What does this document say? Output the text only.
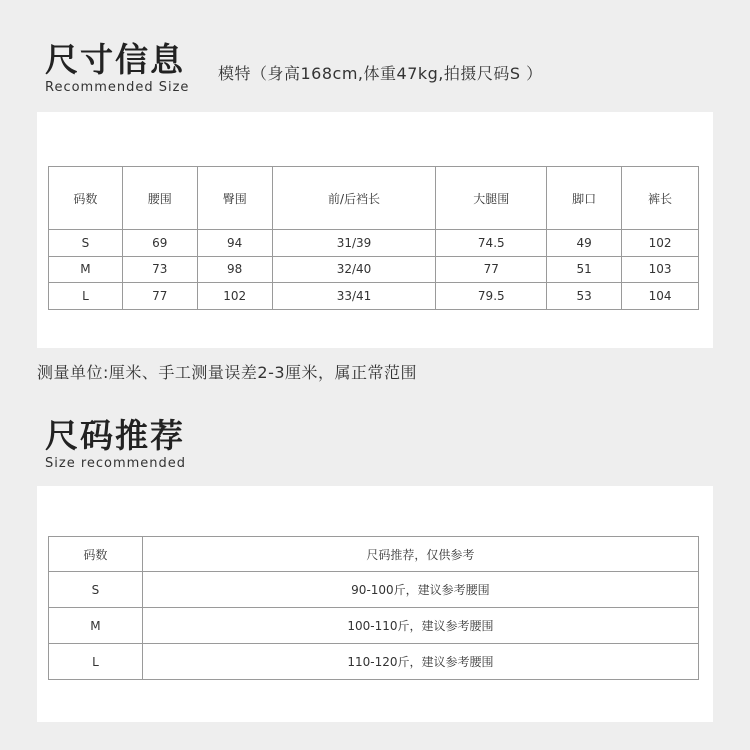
尺寸信息
Recommended Size
模特（身高168cm,体重47kg,拍摄尺码S ）
码数	腰围	臀围	前/后裆长	大腿围	脚口	裤长
S	69	94	31/39	74.5	49	102
M	73	98	32/40	77	51	103
L	77	102	33/41	79.5	53	104
测量单位:厘米、手工测量误差2-3厘米，属正常范围
尺码推荐
Size recommended
码数	尺码推荐，仅供参考
S	90-100斤，建议参考腰围
M	100-110斤，建议参考腰围
L	110-120斤，建议参考腰围
